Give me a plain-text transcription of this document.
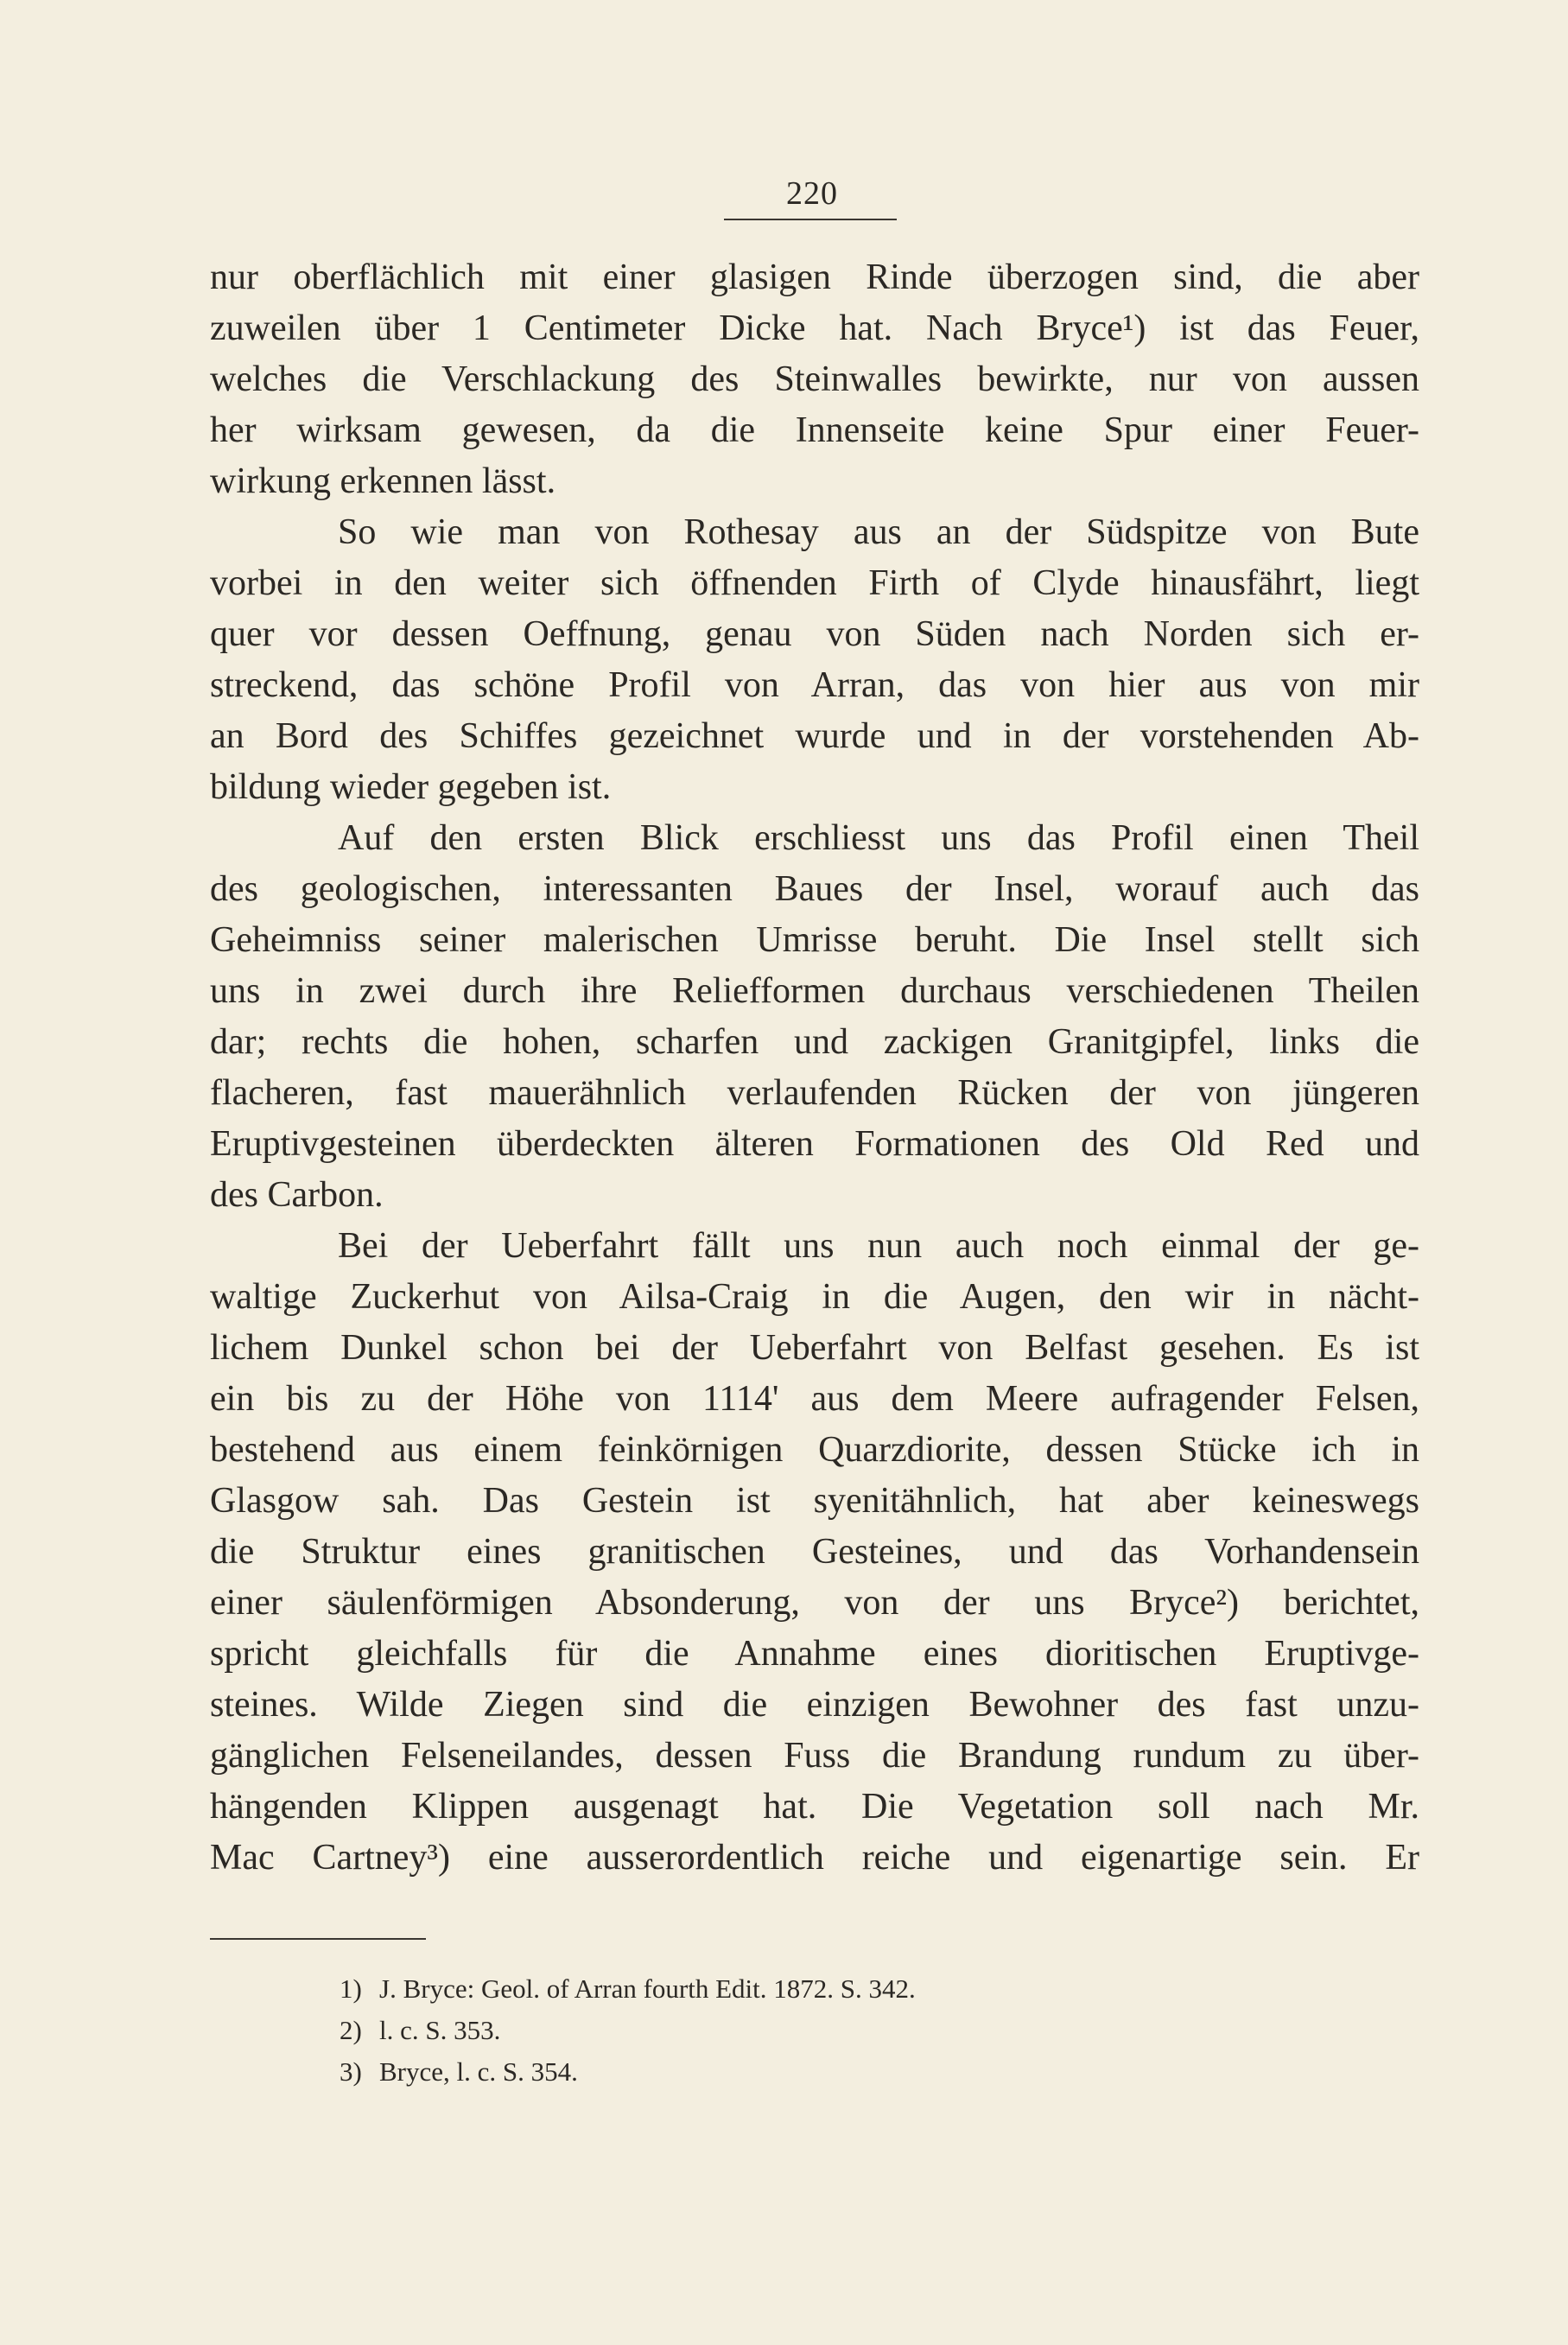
220
nur oberflächlich mit einer glasigen Rinde überzogen sind, die aber
zuweilen über 1 Centimeter Dicke hat. Nach Bryce¹) ist das Feuer,
welches die Verschlackung des Steinwalles bewirkte, nur von aussen
her wirksam gewesen, da die Innenseite keine Spur einer Feuer-
wirkung erkennen lässt.
So wie man von Rothesay aus an der Südspitze von Bute
vorbei in den weiter sich öffnenden Firth of Clyde hinausfährt, liegt
quer vor dessen Oeffnung, genau von Süden nach Norden sich er-
streckend, das schöne Profil von Arran, das von hier aus von mir
an Bord des Schiffes gezeichnet wurde und in der vorstehenden Ab-
bildung wieder gegeben ist.
Auf den ersten Blick erschliesst uns das Profil einen Theil
des geologischen, interessanten Baues der Insel, worauf auch das
Geheimniss seiner malerischen Umrisse beruht. Die Insel stellt sich
uns in zwei durch ihre Reliefformen durchaus verschiedenen Theilen
dar; rechts die hohen, scharfen und zackigen Granitgipfel, links die
flacheren, fast mauerähnlich verlaufenden Rücken der von jüngeren
Eruptivgesteinen überdeckten älteren Formationen des Old Red und
des Carbon.
Bei der Ueberfahrt fällt uns nun auch noch einmal der ge-
waltige Zuckerhut von Ailsa-Craig in die Augen, den wir in nächt-
lichem Dunkel schon bei der Ueberfahrt von Belfast gesehen. Es ist
ein bis zu der Höhe von 1114' aus dem Meere aufragender Felsen,
bestehend aus einem feinkörnigen Quarzdiorite, dessen Stücke ich in
Glasgow sah. Das Gestein ist syenitähnlich, hat aber keineswegs
die Struktur eines granitischen Gesteines, und das Vorhandensein
einer säulenförmigen Absonderung, von der uns Bryce²) berichtet,
spricht gleichfalls für die Annahme eines dioritischen Eruptivge-
steines. Wilde Ziegen sind die einzigen Bewohner des fast unzu-
gänglichen Felseneilandes, dessen Fuss die Brandung rundum zu über-
hängenden Klippen ausgenagt hat. Die Vegetation soll nach Mr.
Mac Cartney³) eine ausserordentlich reiche und eigenartige sein. Er
1) J. Bryce: Geol. of Arran fourth Edit. 1872. S. 342.
2) l. c. S. 353.
3) Bryce, l. c. S. 354.
